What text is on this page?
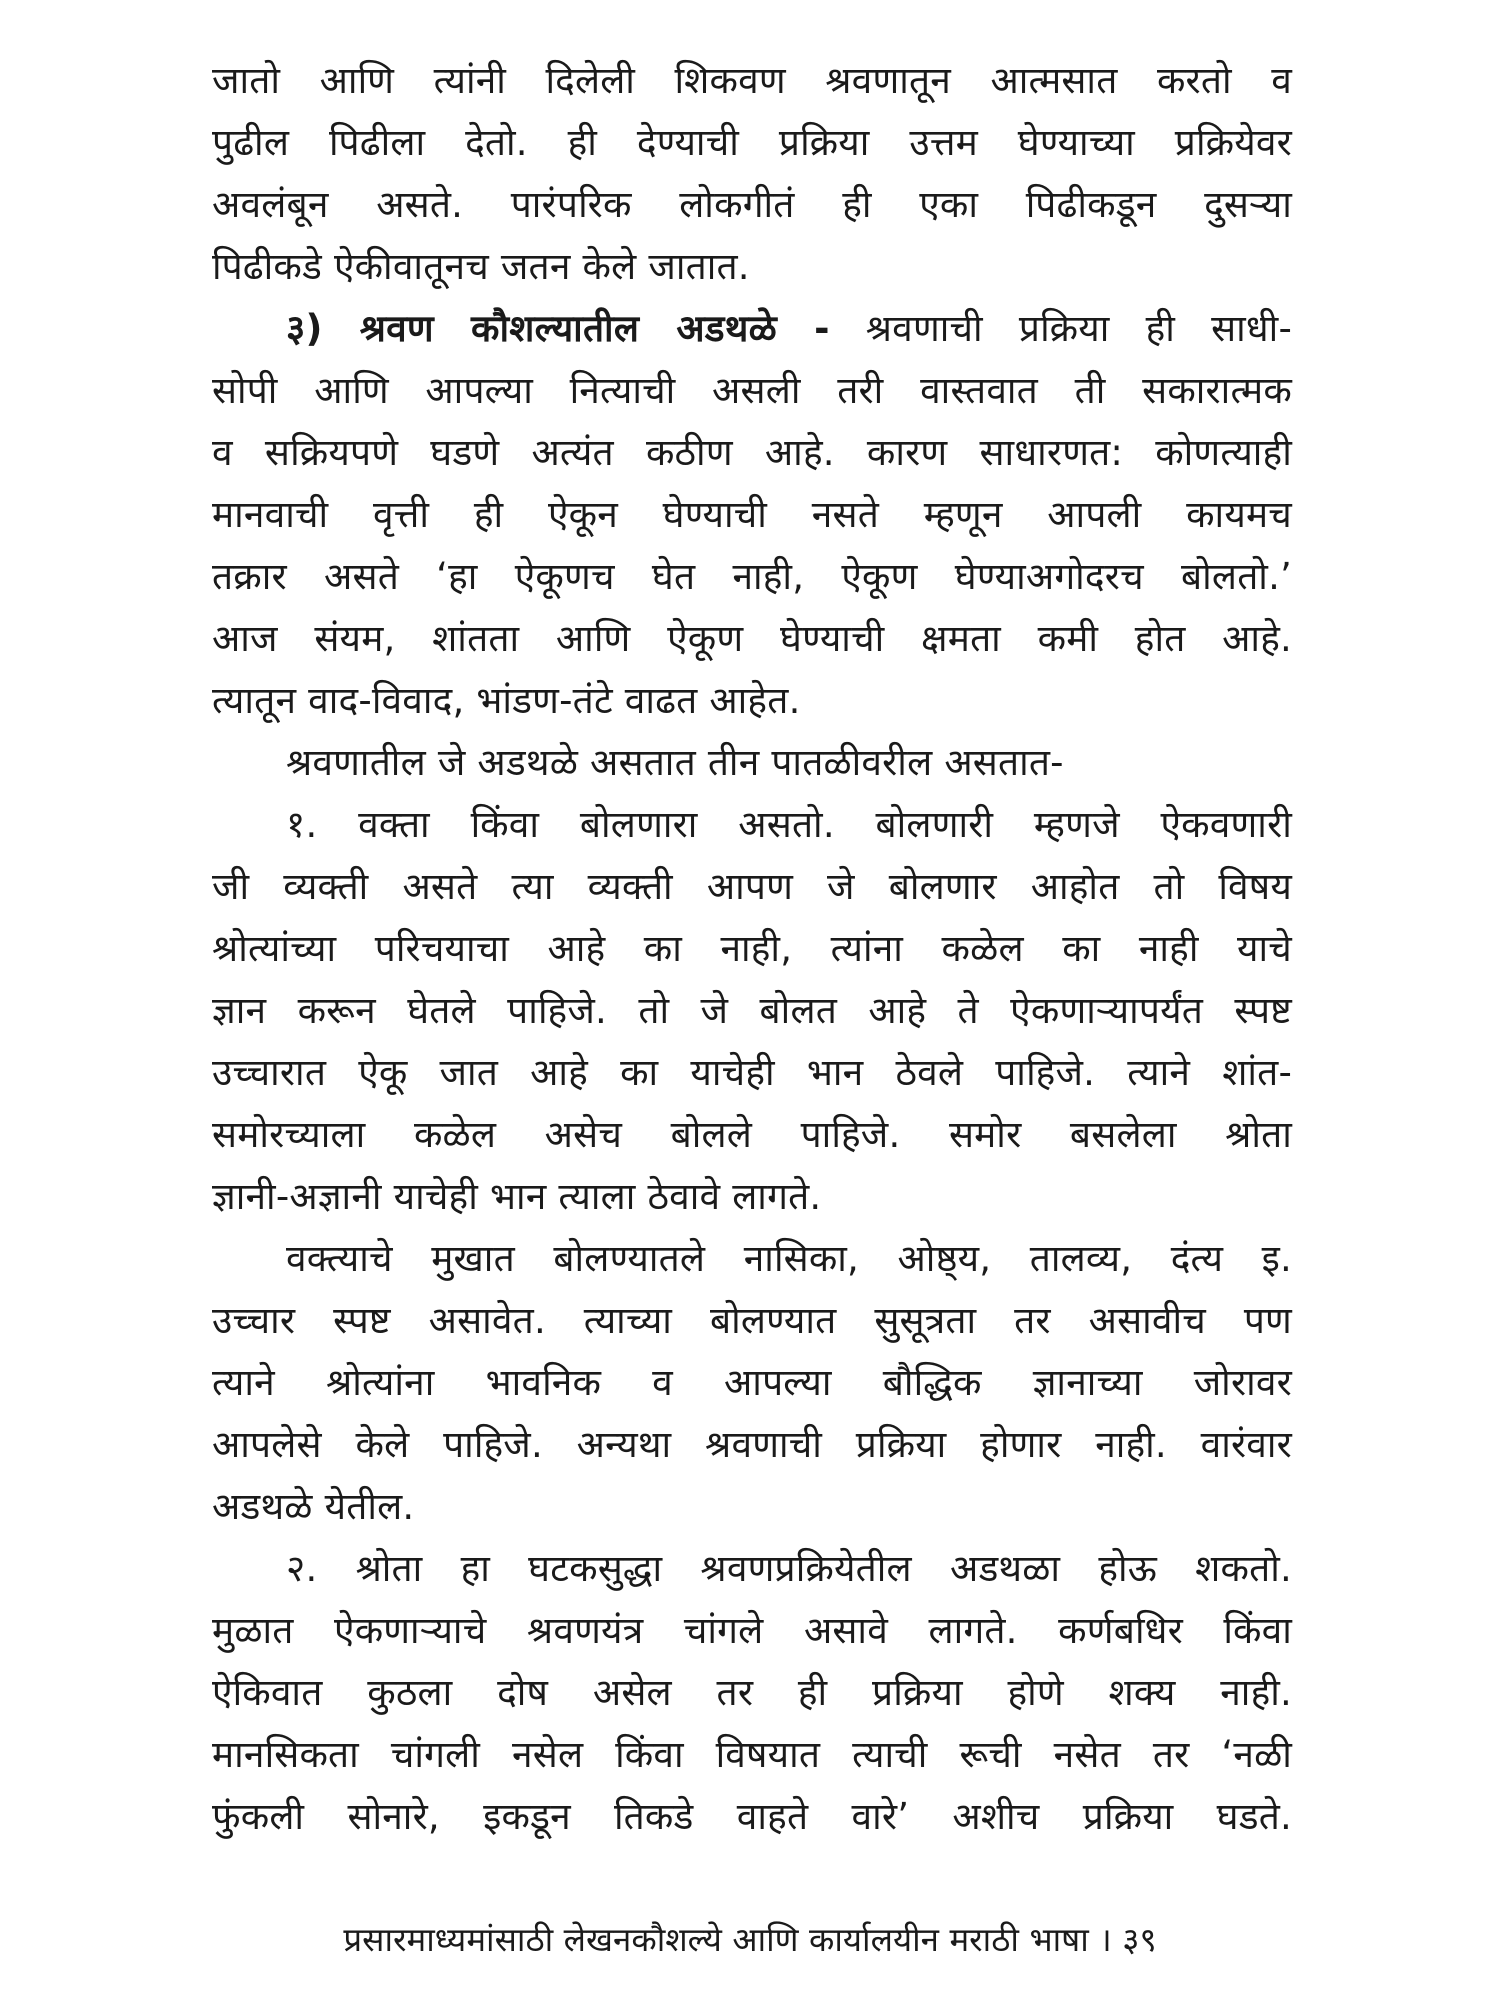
जातो आणि त्यांनी दिलेली शिकवण श्रवणातून आत्मसात करतो व
पुढील पिढीला देतो. ही देण्याची प्रक्रिया उत्तम घेण्याच्या प्रक्रियेवर
अवलंबून असते. पारंपरिक लोकगीतं ही एका पिढीकडून दुसऱ्या
पिढीकडे ऐकीवातूनच जतन केले जातात.
३) श्रवण कौशल्यातील अडथळे - श्रवणाची प्रक्रिया ही साधी-
सोपी आणि आपल्या नित्याची असली तरी वास्तवात ती सकारात्मक
व सक्रियपणे घडणे अत्यंत कठीण आहे. कारण साधारणत: कोणत्याही
मानवाची वृत्ती ही ऐकून घेण्याची नसते म्हणून आपली कायमच
तक्रार असते ‘हा ऐकूणच घेत नाही, ऐकूण घेण्याअगोदरच बोलतो.’
आज संयम, शांतता आणि ऐकूण घेण्याची क्षमता कमी होत आहे.
त्यातून वाद-विवाद, भांडण-तंटे वाढत आहेत.
श्रवणातील जे अडथळे असतात तीन पातळीवरील असतात-
१. वक्ता किंवा बोलणारा असतो. बोलणारी म्हणजे ऐकवणारी
जी व्यक्ती असते त्या व्यक्ती आपण जे बोलणार आहोत तो विषय
श्रोत्यांच्या परिचयाचा आहे का नाही, त्यांना कळेल का नाही याचे
ज्ञान करून घेतले पाहिजे. तो जे बोलत आहे ते ऐकणाऱ्यापर्यंत स्पष्ट
उच्चारात ऐकू जात आहे का याचेही भान ठेवले पाहिजे. त्याने शांत-
समोरच्याला कळेल असेच बोलले पाहिजे. समोर बसलेला श्रोता
ज्ञानी-अज्ञानी याचेही भान त्याला ठेवावे लागते.
वक्त्याचे मुखात बोलण्यातले नासिका, ओष्ठ्य, तालव्य, दंत्य इ.
उच्चार स्पष्ट असावेत. त्याच्या बोलण्यात सुसूत्रता तर असावीच पण
त्याने श्रोत्यांना भावनिक व आपल्या बौद्धिक ज्ञानाच्या जोरावर
आपलेसे केले पाहिजे. अन्यथा श्रवणाची प्रक्रिया होणार नाही. वारंवार
अडथळे येतील.
२. श्रोता हा घटकसुद्धा श्रवणप्रक्रियेतील अडथळा होऊ शकतो.
मुळात ऐकणाऱ्याचे श्रवणयंत्र चांगले असावे लागते. कर्णबधिर किंवा
ऐकिवात कुठला दोष असेल तर ही प्रक्रिया होणे शक्य नाही.
मानसिकता चांगली नसेल किंवा विषयात त्याची रूची नसेत तर ‘नळी
फुंकली सोनारे, इकडून तिकडे वाहते वारे’ अशीच प्रक्रिया घडते.
प्रसारमाध्यमांसाठी लेखनकौशल्ये आणि कार्यालयीन मराठी भाषा । ३९
